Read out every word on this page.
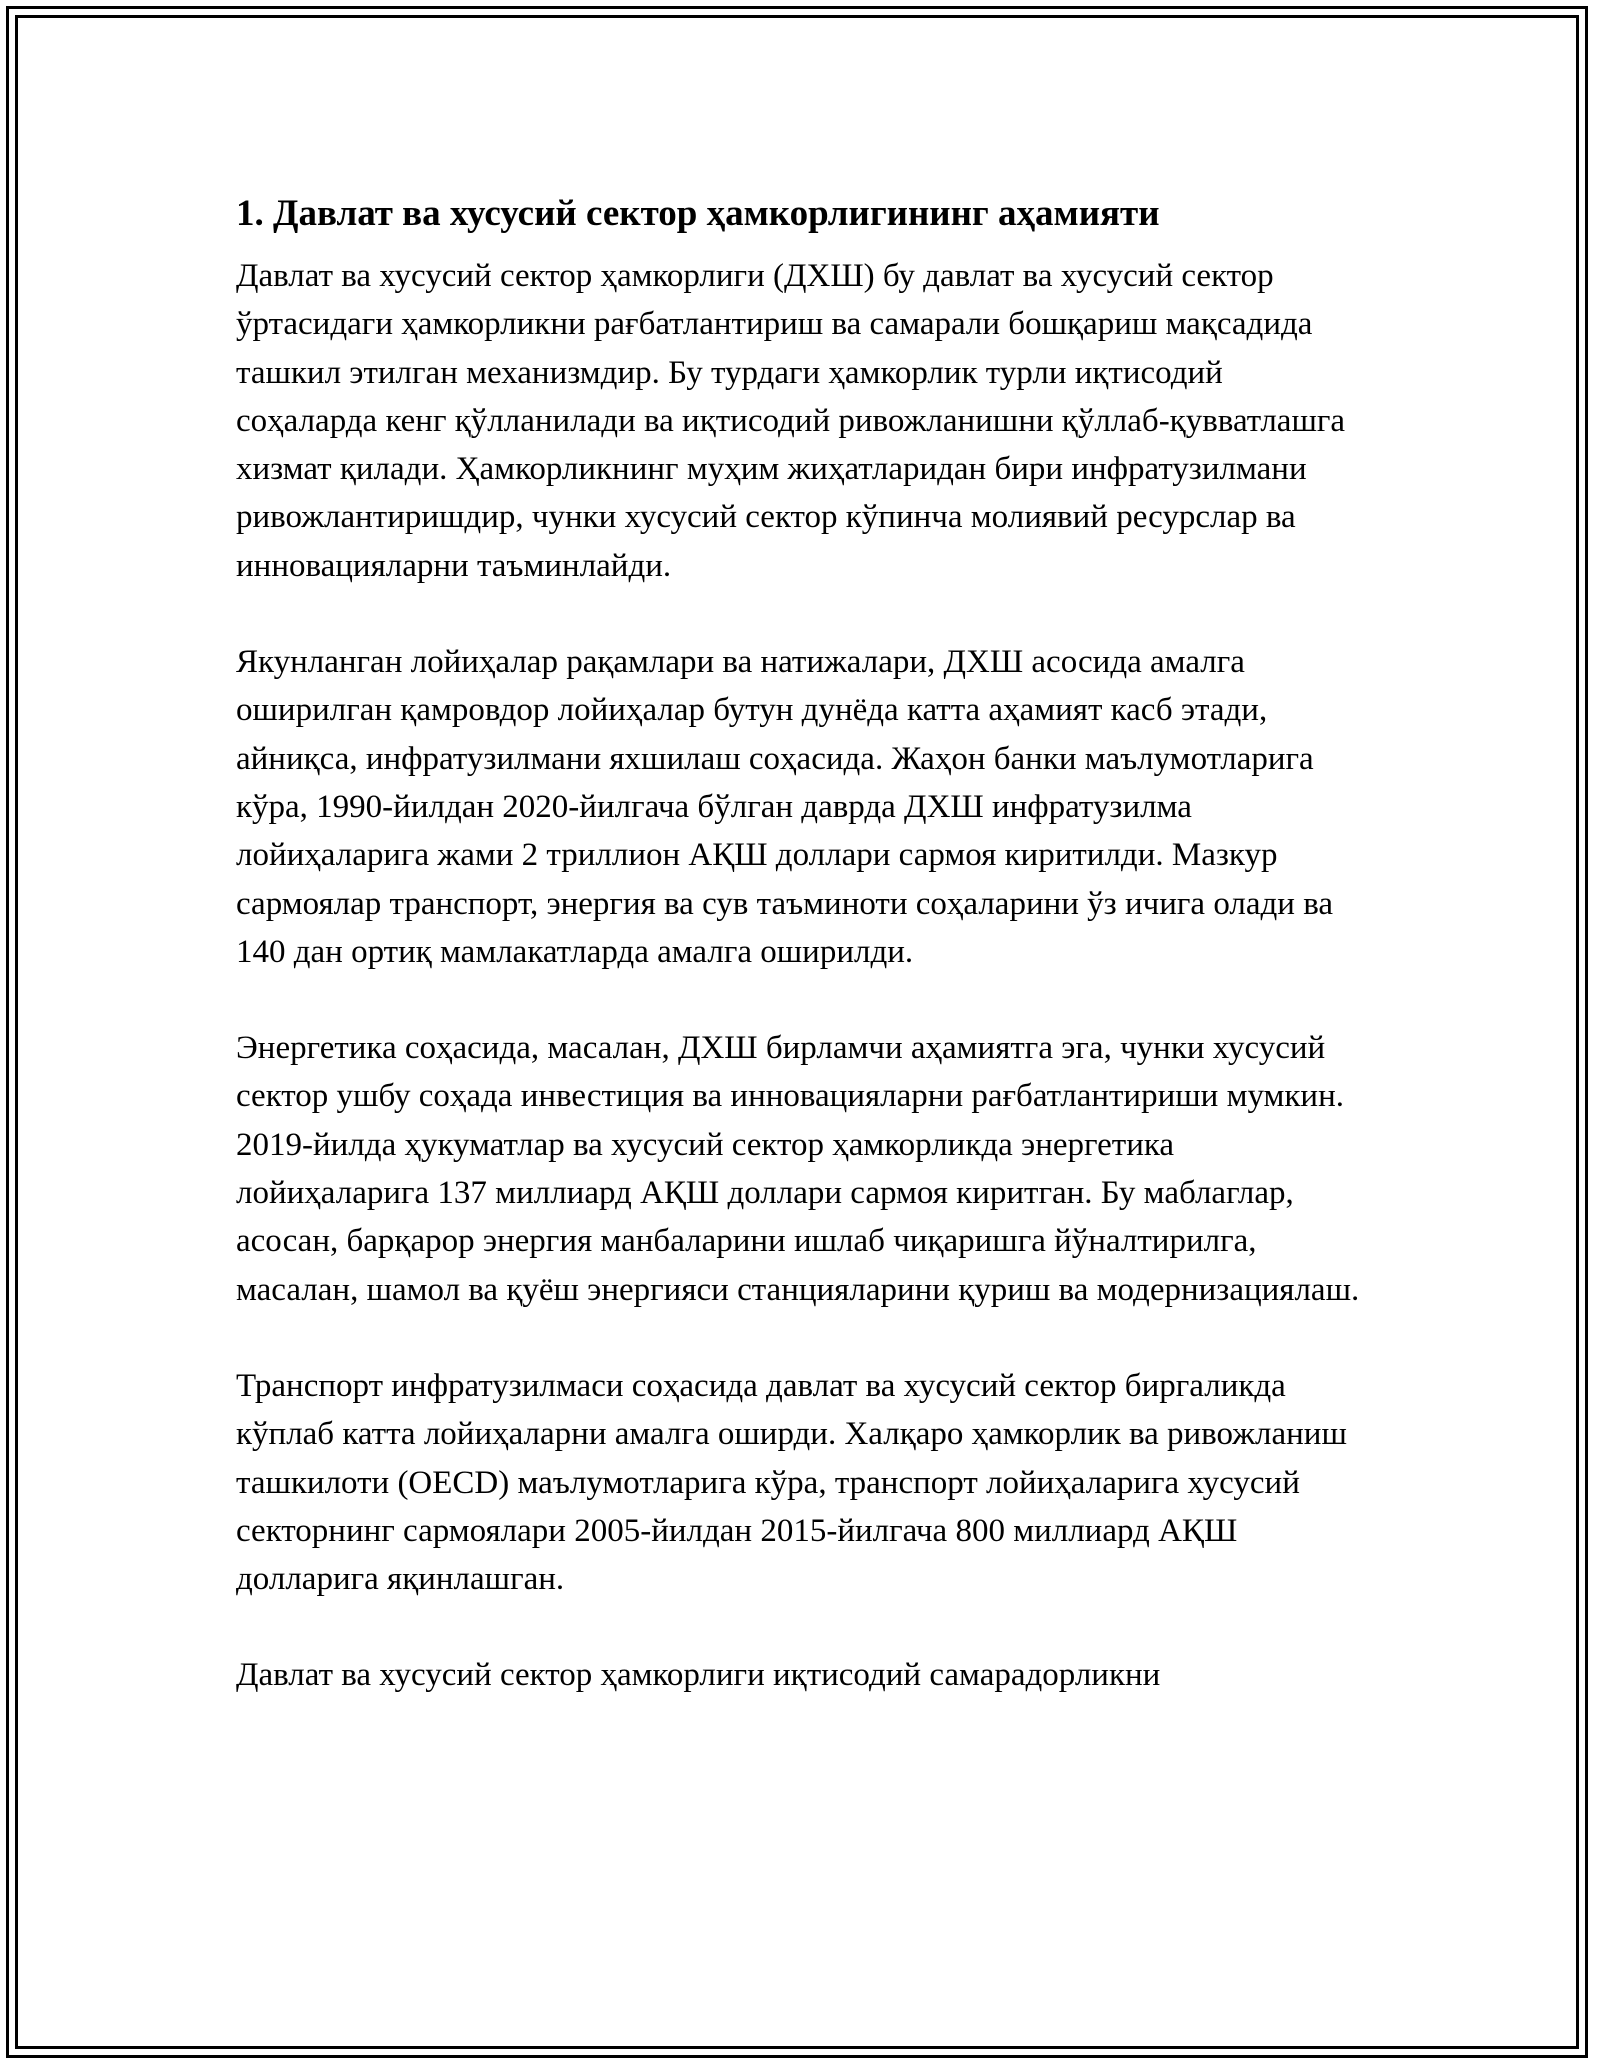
1. Давлат ва хусусий сектор ҳамкорлигининг аҳамияти

Давлат ва хусусий сектор ҳамкорлиги (ДХШ) бу давлат ва хусусий сектор ўртасидаги ҳамкорликни рағбатлантириш ва самарали бошқариш мақсадида ташкил этилган механизмдир. Бу турдаги ҳамкорлик турли иқтисодий соҳаларда кенг қўлланилади ва иқтисодий ривожланишни қўллаб-қувватлашга хизмат қилади. Ҳамкорликнинг муҳим жиҳатларидан бири инфратузилмани ривожлантиришдир, чунки хусусий сектор кўпинча молиявий ресурслар ва инновацияларни таъминлайди.

Якунланган лойиҳалар рақамлари ва натижалари, ДХШ асосида амалга оширилган қамровдор лойиҳалар бутун дунёда катта аҳамият касб этади, айниқса, инфратузилмани яхшилаш соҳасида. Жаҳон банки маълумотларига кўра, 1990-йилдан 2020-йилгача бўлган даврда ДХШ инфратузилма лойиҳаларига жами 2 триллион АҚШ доллари сармоя киритилди. Мазкур сармоялар транспорт, энергия ва сув таъминоти соҳаларини ўз ичига олади ва 140 дан ортиқ мамлакатларда амалга оширилди.

Энергетика соҳасида, масалан, ДХШ бирламчи аҳамиятга эга, чунки хусусий сектор ушбу соҳада инвестиция ва инновацияларни рағбатлантириши мумкин. 2019-йилда ҳукуматлар ва хусусий сектор ҳамкорликда энергетика лойиҳаларига 137 миллиард АҚШ доллари сармоя киритган. Бу маблаглар, асосан, барқарор энергия манбаларини ишлаб чиқаришга йўналтирилга, масалан, шамол ва қуёш энергияси станцияларини қуриш ва модернизациялаш.

Транспорт инфратузилмаси соҳасида давлат ва хусусий сектор биргаликда кўплаб катта лойиҳаларни амалга оширди. Халқаро ҳамкорлик ва ривожланиш ташкилоти (OECD) маълумотларига кўра, транспорт лойиҳаларига хусусий секторнинг сармоялари 2005-йилдан 2015-йилгача 800 миллиард АҚШ долларига яқинлашган.

Давлат ва хусусий сектор ҳамкорлиги иқтисодий самарадорликни
